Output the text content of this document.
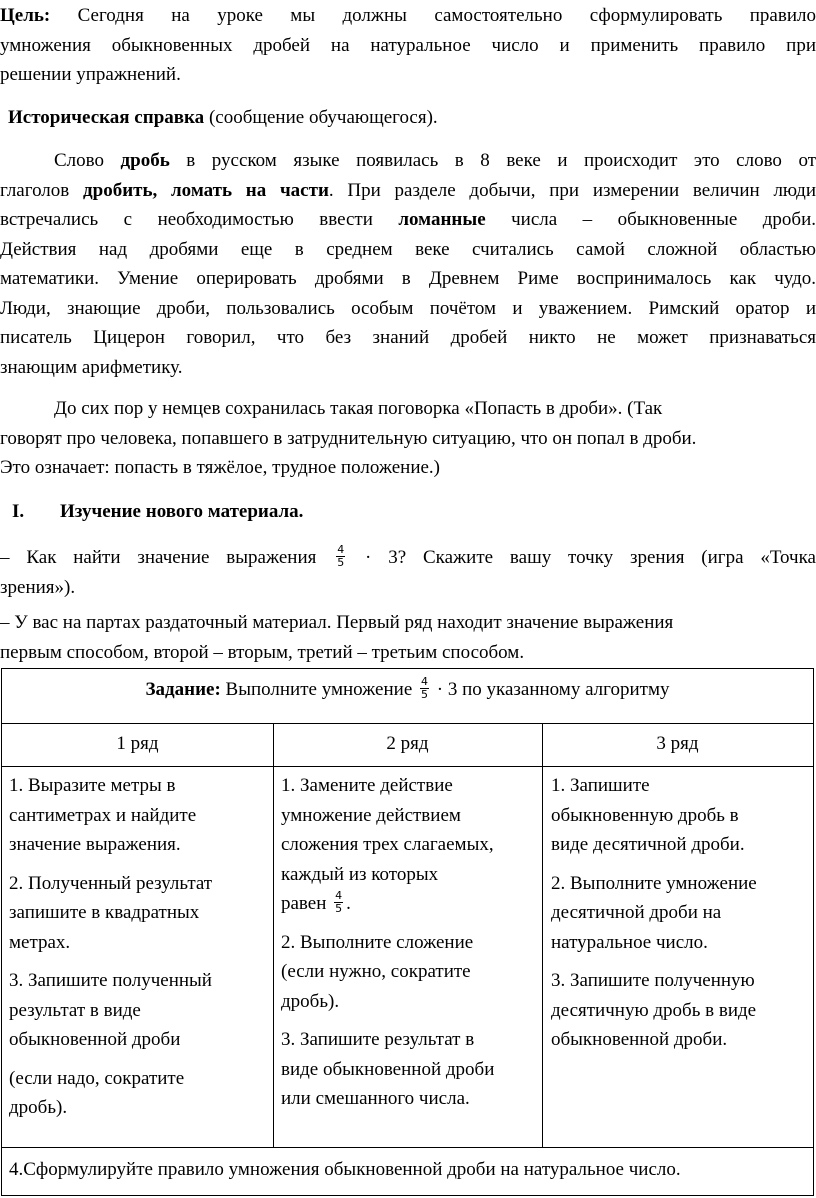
Цель: Сегодня на уроке мы должны самостоятельно сформулировать правило
умножения обыкновенных дробей на натуральное число и применить правило при
решении упражнений.
Историческая справка (сообщение обучающегося).
Слово дробь в русском языке появилась в 8 веке и происходит это слово от
глаголов дробить, ломать на части. При разделе добычи, при измерении величин люди
встречались с необходимостью ввести ломанные числа – обыкновенные дроби.
Действия над дробями еще в среднем веке считались самой сложной областью
математики. Умение оперировать дробями в Древнем Риме воспринималось как чудо.
Люди, знающие дроби, пользовались особым почётом и уважением. Римский оратор и
писатель Цицерон говорил, что без знаний дробей никто не может признаваться
знающим арифметику.
До сих пор у немцев сохранилась такая поговорка «Попасть в дроби». (Так
говорят про человека, попавшего в затруднительную ситуацию, что он попал в дроби.
Это означает: попасть в тяжёлое, трудное положение.)
I. Изучение нового материала.
– Как найти значение выражения $\frac{4}{5} \cdot 3$? Скажите вашу точку зрения (игра «Точка
зрения»).
– У вас на партах раздаточный материал. Первый ряд находит значение выражения
первым способом, второй – вторым, третий – третьим способом.
Задание: Выполните умножение $\frac{4}{5} \cdot 3$ по указанному алгоритму
1 ряд	2 ряд	3 ряд
1. Выразите метры в
сантиметрах и найдите
значение выражения.
2. Полученный результат
запишите в квадратных
метрах.
3. Запишите полученный
результат в виде
обыкновенной дроби
(если надо, сократите
дробь).
1. Замените действие
умножение действием
сложения трех слагаемых,
каждый из которых
равен $\frac{4}{5}$ .
2. Выполните сложение
(если нужно, сократите
дробь).
3. Запишите результат в
виде обыкновенной дроби
или смешанного числа.
1. Запишите
обыкновенную дробь в
виде десятичной дроби.
2. Выполните умножение
десятичной дроби на
натуральное число.
3. Запишите полученную
десятичную дробь в виде
обыкновенной дроби.
4.Сформулируйте правило умножения обыкновенной дроби на натуральное число.
